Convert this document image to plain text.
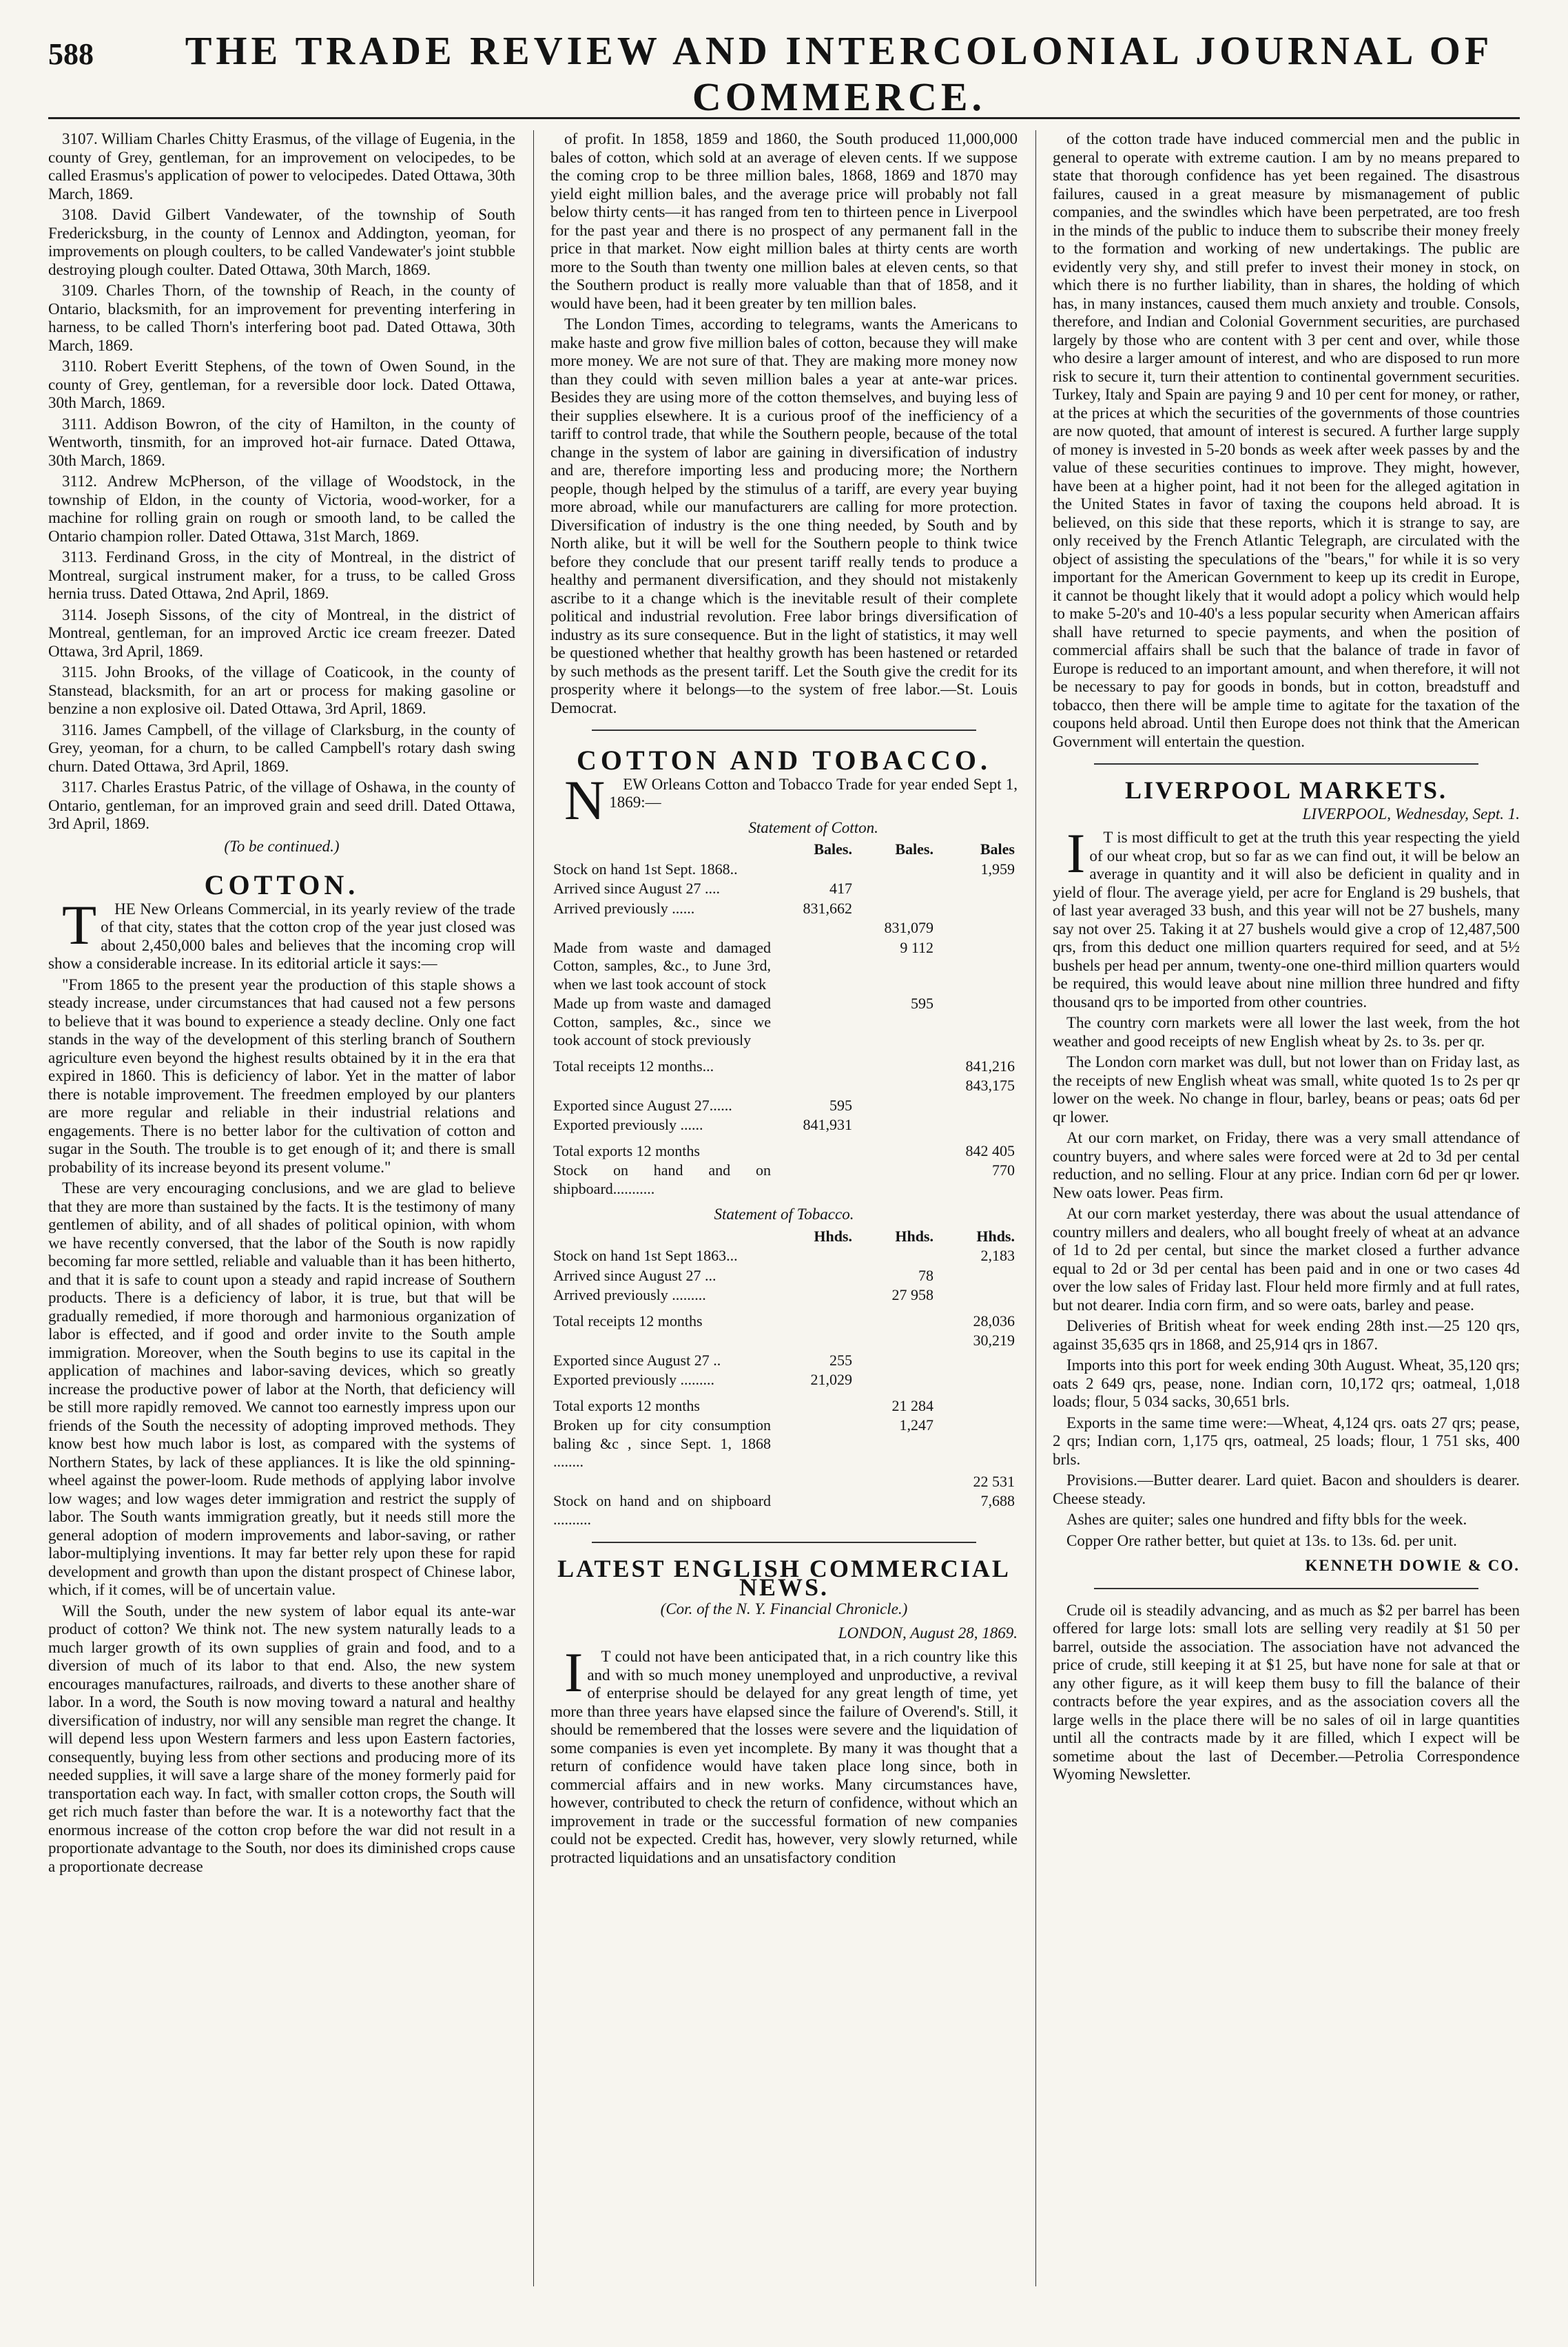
588	THE TRADE REVIEW AND INTERCOLONIAL JOURNAL OF COMMERCE.

3107. William Charles Chitty Erasmus, of the village of Eugenia, in the county of Grey, gentleman, for an improvement on velocipedes, to be called Erasmus's application of power to velocipedes. Dated Ottawa, 30th March, 1869.

3108. David Gilbert Vandewater, of the township of South Fredericksburg, in the county of Lennox and Addington, yeoman, for improvements on plough coulters, to be called Vandewater's joint stubble destroying plough coulter. Dated Ottawa, 30th March, 1869.

3109. Charles Thorn, of the township of Reach, in the county of Ontario, blacksmith, for an improvement for preventing interfering in harness, to be called Thorn's interfering boot pad. Dated Ottawa, 30th March, 1869.

3110. Robert Everitt Stephens, of the town of Owen Sound, in the county of Grey, gentleman, for a reversible door lock. Dated Ottawa, 30th March, 1869.

3111. Addison Bowron, of the city of Hamilton, in the county of Wentworth, tinsmith, for an improved hot-air furnace. Dated Ottawa, 30th March, 1869.

3112. Andrew McPherson, of the village of Woodstock, in the township of Eldon, in the county of Victoria, wood-worker, for a machine for rolling grain on rough or smooth land, to be called the Ontario champion roller. Dated Ottawa, 31st March, 1869.

3113. Ferdinand Gross, in the city of Montreal, in the district of Montreal, surgical instrument maker, for a truss, to be called Gross hernia truss. Dated Ottawa, 2nd April, 1869.

3114. Joseph Sissons, of the city of Montreal, in the district of Montreal, gentleman, for an improved Arctic ice cream freezer. Dated Ottawa, 3rd April, 1869.

3115. John Brooks, of the village of Coaticook, in the county of Stanstead, blacksmith, for an art or process for making gasoline or benzine a non explosive oil. Dated Ottawa, 3rd April, 1869.

3116. James Campbell, of the village of Clarksburg, in the county of Grey, yeoman, for a churn, to be called Campbell's rotary dash swing churn. Dated Ottawa, 3rd April, 1869.

3117. Charles Erastus Patric, of the village of Oshawa, in the county of Ontario, gentleman, for an improved grain and seed drill. Dated Ottawa, 3rd April, 1869.

(To be continued.)
COTTON.

THE New Orleans Commercial, in its yearly review of the trade of that city, states that the cotton crop of the year just closed was about 2,450,000 bales and believes that the incoming crop will show a considerable increase. In its editorial article it says:—

"From 1865 to the present year the production of this staple shows a steady increase, under circumstances that had caused not a few persons to believe that it was bound to experience a steady decline. Only one fact stands in the way of the development of this sterling branch of Southern agriculture even beyond the highest results obtained by it in the era that expired in 1860. This is deficiency of labor. Yet in the matter of labor there is notable improvement. The freedmen employed by our planters are more regular and reliable in their industrial relations and engagements. There is no better labor for the cultivation of cotton and sugar in the South. The trouble is to get enough of it; and there is small probability of its increase beyond its present volume."

These are very encouraging conclusions, and we are glad to believe that they are more than sustained by the facts. It is the testimony of many gentlemen of ability, and of all shades of political opinion, with whom we have recently conversed, that the labor of the South is now rapidly becoming far more settled, reliable and valuable than it has been hitherto, and that it is safe to count upon a steady and rapid increase of Southern products. There is a deficiency of labor, it is true, but that will be gradually remedied, if more thorough and harmonious organization of labor is effected, and if good and order invite to the South ample immigration. Moreover, when the South begins to use its capital in the application of machines and labor-saving devices, which so greatly increase the productive power of labor at the North, that deficiency will be still more rapidly removed. We cannot too earnestly impress upon our friends of the South the necessity of adopting improved methods. They know best how much labor is lost, as compared with the systems of Northern States, by lack of these appliances. It is like the old spinning-wheel against the power-loom. Rude methods of applying labor involve low wages; and low wages deter immigration and restrict the supply of labor. The South wants immigration greatly, but it needs still more the general adoption of modern improvements and labor-saving, or rather labor-multiplying inventions. It may far better rely upon these for rapid development and growth than upon the distant prospect of Chinese labor, which, if it comes, will be of uncertain value.

Will the South, under the new system of labor equal its ante-war product of cotton? We think not. The new system naturally leads to a much larger growth of its own supplies of grain and food, and to a diversion of much of its labor to that end. Also, the new system encourages manufactures, railroads, and diverts to these another share of labor. In a word, the South is now moving toward a natural and healthy diversification of industry, nor will any sensible man regret the change. It will depend less upon Western farmers and less upon Eastern factories, consequently, buying less from other sections and producing more of its needed supplies, it will save a large share of the money formerly paid for transportation each way. In fact, with smaller cotton crops, the South will get rich much faster than before the war. It is a noteworthy fact that the enormous increase of the cotton crop before the war did not result in a proportionate advantage to the South, nor does its diminished crops cause a proportionate decrease

of profit. In 1858, 1859 and 1860, the South produced 11,000,000 bales of cotton, which sold at an average of eleven cents. If we suppose the coming crop to be three million bales, 1868, 1869 and 1870 may yield eight million bales, and the average price will probably not fall below thirty cents—it has ranged from ten to thirteen pence in Liverpool for the past year and there is no prospect of any permanent fall in the price in that market. Now eight million bales at thirty cents are worth more to the South than twenty one million bales at eleven cents, so that the Southern product is really more valuable than that of 1858, and it would have been, had it been greater by ten million bales.

The London Times, according to telegrams, wants the Americans to make haste and grow five million bales of cotton, because they will make more money. We are not sure of that. They are making more money now than they could with seven million bales a year at ante-war prices. Besides they are using more of the cotton themselves, and buying less of their supplies elsewhere. It is a curious proof of the inefficiency of a tariff to control trade, that while the Southern people, because of the total change in the system of labor are gaining in diversification of industry and are, therefore importing less and producing more; the Northern people, though helped by the stimulus of a tariff, are every year buying more abroad, while our manufacturers are calling for more protection. Diversification of industry is the one thing needed, by South and by North alike, but it will be well for the Southern people to think twice before they conclude that our present tariff really tends to produce a healthy and permanent diversification, and they should not mistakenly ascribe to it a change which is the inevitable result of their complete political and industrial revolution. Free labor brings diversification of industry as its sure consequence. But in the light of statistics, it may well be questioned whether that healthy growth has been hastened or retarded by such methods as the present tariff. Let the South give the credit for its prosperity where it belongs—to the system of free labor.—St. Louis Democrat.

COTTON AND TOBACCO.

NEW Orleans Cotton and Tobacco Trade for year ended Sept 1, 1869:—

Statement of Cotton.
	Bales.	Bales.	Bales
Stock on hand 1st Sept. 1868..			1,959
Arrived since August 27 ....	417		
Arrived previously ......	831,662		
		831,079	
Made from waste and damaged Cotton, samples, &c., to June 3rd, when we last took account of stock		9 112	
Made up from waste and damaged Cotton, samples, &c., since we took account of stock previously		595	
Total receipts 12 months...			841,216
			843,175
Exported since August 27......	595		
Exported previously ......	841,931		
Total exports 12 months			842 405
Stock on hand and on shipboard...........			770
Statement of Tobacco.
	Hhds.	Hhds.	Hhds.
Stock on hand 1st Sept 1863...			2,183
Arrived since August 27 ...		78	
Arrived previously .........		27 958	
Total receipts 12 months			28,036
			30,219
Exported since August 27 ..	255		
Exported previously .........	21,029		
Total exports 12 months		21 284	
Broken up for city consumption baling &c , since Sept. 1, 1868 ........		1,247	
			22 531
Stock on hand and on shipboard ..........			7,688
LATEST ENGLISH COMMERCIAL NEWS.
(Cor. of the N. Y. Financial Chronicle.)
LONDON, August 28, 1869.

IT could not have been anticipated that, in a rich country like this and with so much money unemployed and unproductive, a revival of enterprise should be delayed for any great length of time, yet more than three years have elapsed since the failure of Overend's. Still, it should be remembered that the losses were severe and the liquidation of some companies is even yet incomplete. By many it was thought that a return of confidence would have taken place long since, both in commercial affairs and in new works. Many circumstances have, however, contributed to check the return of confidence, without which an improvement in trade or the successful formation of new companies could not be expected. Credit has, however, very slowly returned, while protracted liquidations and an unsatisfactory condition

of the cotton trade have induced commercial men and the public in general to operate with extreme caution. I am by no means prepared to state that thorough confidence has yet been regained. The disastrous failures, caused in a great measure by mismanagement of public companies, and the swindles which have been perpetrated, are too fresh in the minds of the public to induce them to subscribe their money freely to the formation and working of new undertakings. The public are evidently very shy, and still prefer to invest their money in stock, on which there is no further liability, than in shares, the holding of which has, in many instances, caused them much anxiety and trouble. Consols, therefore, and Indian and Colonial Government securities, are purchased largely by those who are content with 3 per cent and over, while those who desire a larger amount of interest, and who are disposed to run more risk to secure it, turn their attention to continental government securities. Turkey, Italy and Spain are paying 9 and 10 per cent for money, or rather, at the prices at which the securities of the governments of those countries are now quoted, that amount of interest is secured. A further large supply of money is invested in 5-20 bonds as week after week passes by and the value of these securities continues to improve. They might, however, have been at a higher point, had it not been for the alleged agitation in the United States in favor of taxing the coupons held abroad. It is believed, on this side that these reports, which it is strange to say, are only received by the French Atlantic Telegraph, are circulated with the object of assisting the speculations of the "bears," for while it is so very important for the American Government to keep up its credit in Europe, it cannot be thought likely that it would adopt a policy which would help to make 5-20's and 10-40's a less popular security when American affairs shall have returned to specie payments, and when the position of commercial affairs shall be such that the balance of trade in favor of Europe is reduced to an important amount, and when therefore, it will not be necessary to pay for goods in bonds, but in cotton, breadstuff and tobacco, then there will be ample time to agitate for the taxation of the coupons held abroad. Until then Europe does not think that the American Government will entertain the question.

LIVERPOOL MARKETS.
LIVERPOOL, Wednesday, Sept. 1.

IT is most difficult to get at the truth this year respecting the yield of our wheat crop, but so far as we can find out, it will be below an average in quantity and it will also be deficient in quality and in yield of flour. The average yield, per acre for England is 29 bushels, that of last year averaged 33 bush, and this year will not be 27 bushels, many say not over 25. Taking it at 27 bushels would give a crop of 12,487,500 qrs, from this deduct one million quarters required for seed, and at 5½ bushels per head per annum, twenty-one one-third million quarters would be required, this would leave about nine million three hundred and fifty thousand qrs to be imported from other countries.

The country corn markets were all lower the last week, from the hot weather and good receipts of new English wheat by 2s. to 3s. per qr.

The London corn market was dull, but not lower than on Friday last, as the receipts of new English wheat was small, white quoted 1s to 2s per qr lower on the week. No change in flour, barley, beans or peas; oats 6d per qr lower.

At our corn market, on Friday, there was a very small attendance of country buyers, and where sales were forced were at 2d to 3d per cental reduction, and no selling. Flour at any price. Indian corn 6d per qr lower. New oats lower. Peas firm.

At our corn market yesterday, there was about the usual attendance of country millers and dealers, who all bought freely of wheat at an advance of 1d to 2d per cental, but since the market closed a further advance equal to 2d or 3d per cental has been paid and in one or two cases 4d over the low sales of Friday last. Flour held more firmly and at full rates, but not dearer. India corn firm, and so were oats, barley and pease.

Deliveries of British wheat for week ending 28th inst.—25 120 qrs, against 35,635 qrs in 1868, and 25,914 qrs in 1867.

Imports into this port for week ending 30th August. Wheat, 35,120 qrs; oats 2 649 qrs, pease, none. Indian corn, 10,172 qrs; oatmeal, 1,018 loads; flour, 5 034 sacks, 30,651 brls.

Exports in the same time were:—Wheat, 4,124 qrs. oats 27 qrs; pease, 2 qrs; Indian corn, 1,175 qrs, oatmeal, 25 loads; flour, 1 751 sks, 400 brls.

Provisions.—Butter dearer. Lard quiet. Bacon and shoulders is dearer. Cheese steady.

Ashes are quiter; sales one hundred and fifty bbls for the week.

Copper Ore rather better, but quiet at 13s. to 13s. 6d. per unit.

KENNETH DOWIE & CO.

Crude oil is steadily advancing, and as much as $2 per barrel has been offered for large lots: small lots are selling very readily at $1 50 per barrel, outside the association. The association have not advanced the price of crude, still keeping it at $1 25, but have none for sale at that or any other figure, as it will keep them busy to fill the balance of their contracts before the year expires, and as the association covers all the large wells in the place there will be no sales of oil in large quantities until all the contracts made by it are filled, which I expect will be sometime about the last of December.—Petrolia Correspondence Wyoming Newsletter.
